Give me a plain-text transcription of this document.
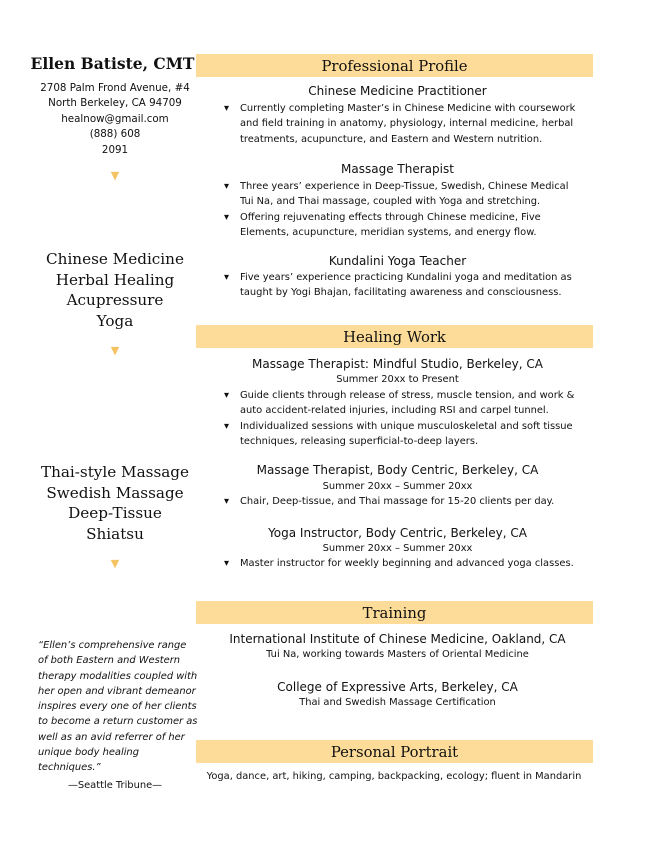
Ellen Batiste, CMT
2708 Palm Frond Avenue, #4
North Berkeley, CA 94709
healnow@gmail.com
(888) 608
2091
▼
Chinese Medicine
Herbal Healing
Acupressure
Yoga
▼
Thai-style Massage
Swedish Massage
Deep-Tissue
Shiatsu
▼
“Ellen’s comprehensive range of both Eastern and Western therapy modalities coupled with her open and vibrant demeanor inspires every one of her clients to become a return customer as well as an avid referrer of her unique body healing techniques.”
—Seattle Tribune—
Professional Profile
Chinese Medicine Practitioner
▾ Currently completing Master’s in Chinese Medicine with coursework and field training in anatomy, physiology, internal medicine, herbal treatments, acupuncture, and Eastern and Western nutrition.
Massage Therapist
▾ Three years’ experience in Deep-Tissue, Swedish, Chinese Medical Tui Na, and Thai massage, coupled with Yoga and stretching.
▾ Offering rejuvenating effects through Chinese medicine, Five Elements, acupuncture, meridian systems, and energy flow.
Kundalini Yoga Teacher
▾ Five years’ experience practicing Kundalini yoga and meditation as taught by Yogi Bhajan, facilitating awareness and consciousness.
Healing Work
Massage Therapist: Mindful Studio, Berkeley, CA
Summer 20xx to Present
▾ Guide clients through release of stress, muscle tension, and work & auto accident-related injuries, including RSI and carpel tunnel.
▾ Individualized sessions with unique musculoskeletal and soft tissue techniques, releasing superficial-to-deep layers.
Massage Therapist, Body Centric, Berkeley, CA
Summer 20xx – Summer 20xx
▾ Chair, Deep-tissue, and Thai massage for 15-20 clients per day.
Yoga Instructor, Body Centric, Berkeley, CA
Summer 20xx – Summer 20xx
▾ Master instructor for weekly beginning and advanced yoga classes.
Training
International Institute of Chinese Medicine, Oakland, CA
Tui Na, working towards Masters of Oriental Medicine
College of Expressive Arts, Berkeley, CA
Thai and Swedish Massage Certification
Personal Portrait
Yoga, dance, art, hiking, camping, backpacking, ecology; fluent in Mandarin
